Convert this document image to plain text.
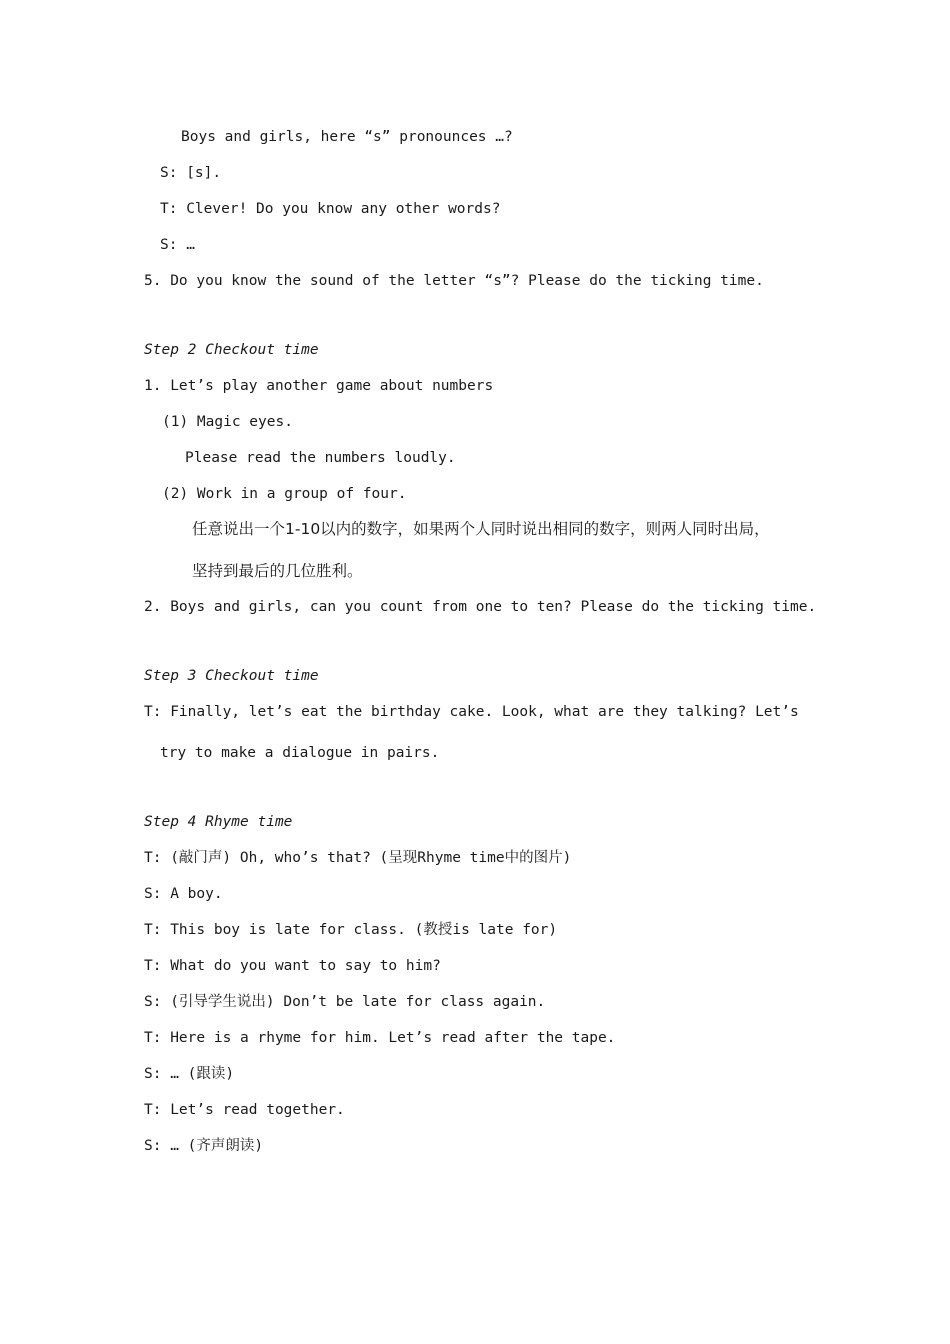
Boys and girls, here “s” pronounces …?

S: [s].

T: Clever! Do you know any other words?

S: …

5. Do you know the sound of the letter “s”? Please do the ticking time.

Step 2 Checkout time

1. Let’s play another game about numbers

(1) Magic eyes.

Please read the numbers loudly.

(2) Work in a group of four.

任意说出一个1-10以内的数字，如果两个人同时说出相同的数字，则两人同时出局，

坚持到最后的几位胜利。

2. Boys and girls, can you count from one to ten? Please do the ticking time.

Step 3 Checkout time

T: Finally, let’s eat the birthday cake. Look, what are they talking? Let’s

try to make a dialogue in pairs.

Step 4 Rhyme time

T: (敲门声) Oh, who’s that? (呈现Rhyme time中的图片)

S: A boy.

T: This boy is late for class. (教授is late for)

T: What do you want to say to him?

S: (引导学生说出) Don’t be late for class again.

T: Here is a rhyme for him. Let’s read after the tape.

S: … (跟读)

T: Let’s read together.

S: … (齐声朗读)
